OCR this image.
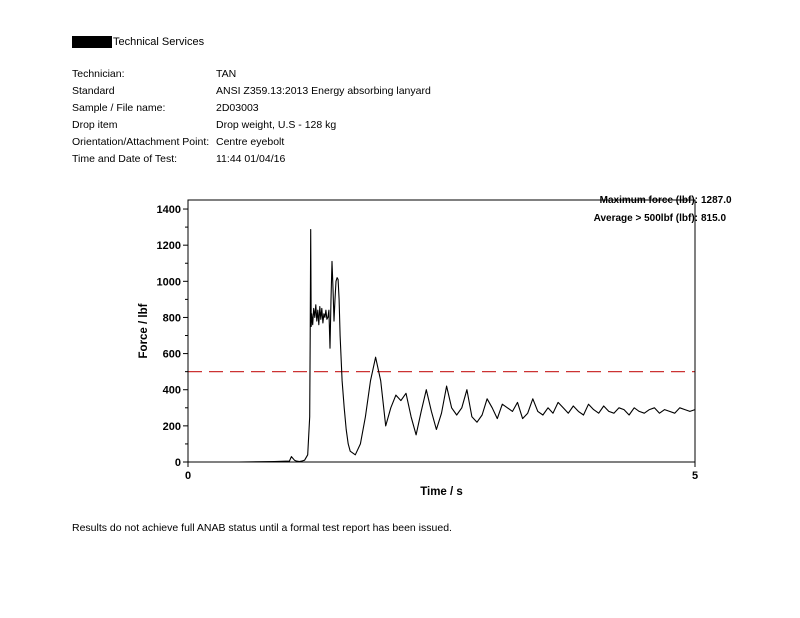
Technical Services
Technician:	TAN
Standard	ANSI Z359.13:2013 Energy absorbing lanyard
Sample / File name:	2D03003
Drop item	Drop weight, U.S - 128 kg
Orientation/Attachment Point: Centre eyebolt
Time and Date of Test:	11:44 01/04/16
0
200
400
600
800
1000
1200
1400
0	5
Time / s
Force / lbf
Maximum force (lbf): 1287.0
Average > 500lbf (lbf): 815.0
Results do not achieve full ANAB status until a formal test report has been issued.
